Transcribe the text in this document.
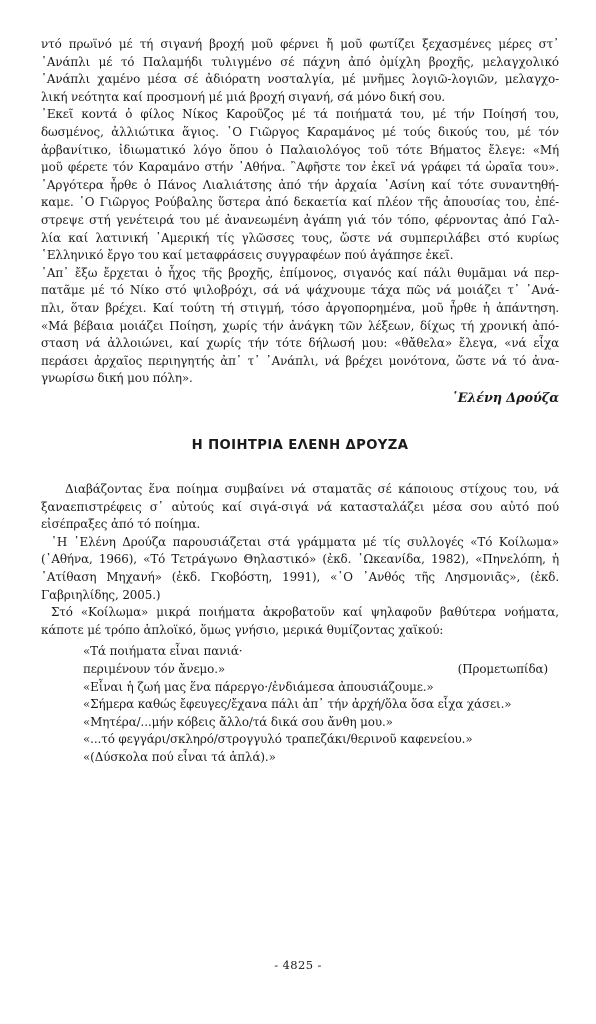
ντό πρωϊνό μέ τή σιγανή βροχή μοῦ φέρνει ἤ μοῦ φωτίζει ξεχασμένες μέρες στ᾿
᾿Ανάπλι μέ τό Παλαμήδι τυλιγμένο σέ πάχνη ἀπό ὀμίχλη βροχῆς, μελαγχολικό
᾿Ανάπλι χαμένο μέσα σέ ἀδιόρατη νοσταλγία, μέ μνῆμες λογιῶ-λογιῶν, μελαγχο-
λική νεότητα καί προσμονή μέ μιά βροχή σιγανή, σά μόνο δική σου.

᾿Εκεῖ κοντά ὁ φίλος Νίκος Καροῦζος μέ τά ποιήματά του, μέ τήν Ποίησή του,
δωσμένος, ἀλλιώτικα ἅγιος. ῾Ο Γιῶργος Καραμάνος μέ τούς δικούς του, μέ τόν
ἀρβανίτικο, ἰδιωματικό λόγο ὅπου ὁ Παλαιολόγος τοῦ τότε Βήματος ἔλεγε: «Μή
μοῦ φέρετε τόν Καραμάνο στήν ᾿Αθήνα. ῍Αφῆστε τον ἐκεῖ νά γράφει τά ὡραῖα του».
᾿Αργότερα ἦρθε ὁ Πάνος Λιαλιάτσης ἀπό τήν ἀρχαία ᾿Ασίνη καί τότε συναντηθή-
καμε. ῾Ο Γιῶργος Ρούβαλης ὕστερα ἀπό δεκαετία καί πλέον τῆς ἀπουσίας του, ἐπέ-
στρεψε στή γενέτειρά του μέ ἀνανεωμένη ἀγάπη γιά τόν τόπο, φέρνοντας ἀπό Γαλ-
λία καί λατινική ᾿Αμερική τίς γλῶσσες τους, ὥστε νά συμπεριλάβει στό κυρίως
῾Ελληνικό ἔργο του καί μεταφράσεις συγγραφέων πού ἀγάπησε ἐκεῖ.

᾿Απ᾿ ἔξω ἔρχεται ὁ ἦχος τῆς βροχῆς, ἐπίμονος, σιγανός καί πάλι θυμᾶμαι νά περ-
πατᾶμε μέ τό Νίκο στό ψιλοβρόχι, σά νά ψάχνουμε τάχα πῶς νά μοιάζει τ᾿ ᾿Ανά-
πλι, ὅταν βρέχει. Καί τούτη τή στιγμή, τόσο ἀργοπορημένα, μοῦ ἦρθε ἡ ἀπάντηση.
«Μά βέβαια μοιάζει Ποίηση, χωρίς τήν ἀνάγκη τῶν λέξεων, δίχως τή χρονική ἀπό-
σταση νά ἀλλοιώνει, καί χωρίς τήν τότε δήλωσή μου: «θἄθελα» ἔλεγα, «νά εἶχα
περάσει ἀρχαῖος περιηγητής ἀπ᾿ τ᾿ ᾿Ανάπλι, νά βρέχει μονότονα, ὥστε νά τό ἀνα-
γνωρίσω δική μου πόλη».

῾Ελένη Δρούζα

Η ΠΟΙΗΤΡΙΑ ΕΛΕΝΗ ΔΡΟΥΖΑ

Διαβάζοντας ἕνα ποίημα συμβαίνει νά σταματᾶς σέ κάποιους στίχους του, νά
ξαναεπιστρέφεις σ᾿ αὐτούς καί σιγά-σιγά νά κατασταλάζει μέσα σου αὐτό πού
εἰσέπραξες ἀπό τό ποίημα.

῾Η ῾Ελένη Δρούζα παρουσιάζεται στά γράμματα μέ τίς συλλογές «Τό Κοίλωμα»
(᾿Αθήνα, 1966), «Τό Τετράγωνο Θηλαστικό» (ἐκδ. ᾿Ωκεανίδα, 1982), «Πηνελόπη, ἡ
᾿Ατίθαση Μηχανή» (ἐκδ. Γκοβόστη, 1991), «῾Ο ᾿Ανθός τῆς Λησμονιᾶς», (ἐκδ.
Γαβριηλίδης, 2005.)

Στό «Κοίλωμα» μικρά ποιήματα ἀκροβατοῦν καί ψηλαφοῦν βαθύτερα νοήματα,
κάποτε μέ τρόπο ἁπλοϊκό, ὅμως γνήσιο, μερικά θυμίζοντας χαϊκού:

«Τά ποιήματα εἶναι πανιά·
περιμένουν τόν ἄνεμο.»	(Προμετωπίδα)
«Εἶναι ἡ ζωή μας ἕνα πάρεργο·/ἐνδιάμεσα ἀπουσιάζουμε.»
«Σήμερα καθώς ἔφευγες/ἔχανα πάλι ἀπ᾿ τήν ἀρχή/ὅλα ὅσα εἶχα χάσει.»
«Μητέρα/...μήν κόβεις ἄλλο/τά δικά σου ἄνθη μου.»
«...τό φεγγάρι/σκληρό/στρογγυλό τραπεζάκι/θερινοῦ καφενείου.»
«(Δύσκολα πού εἶναι τά ἁπλά).»
- 4825 -
